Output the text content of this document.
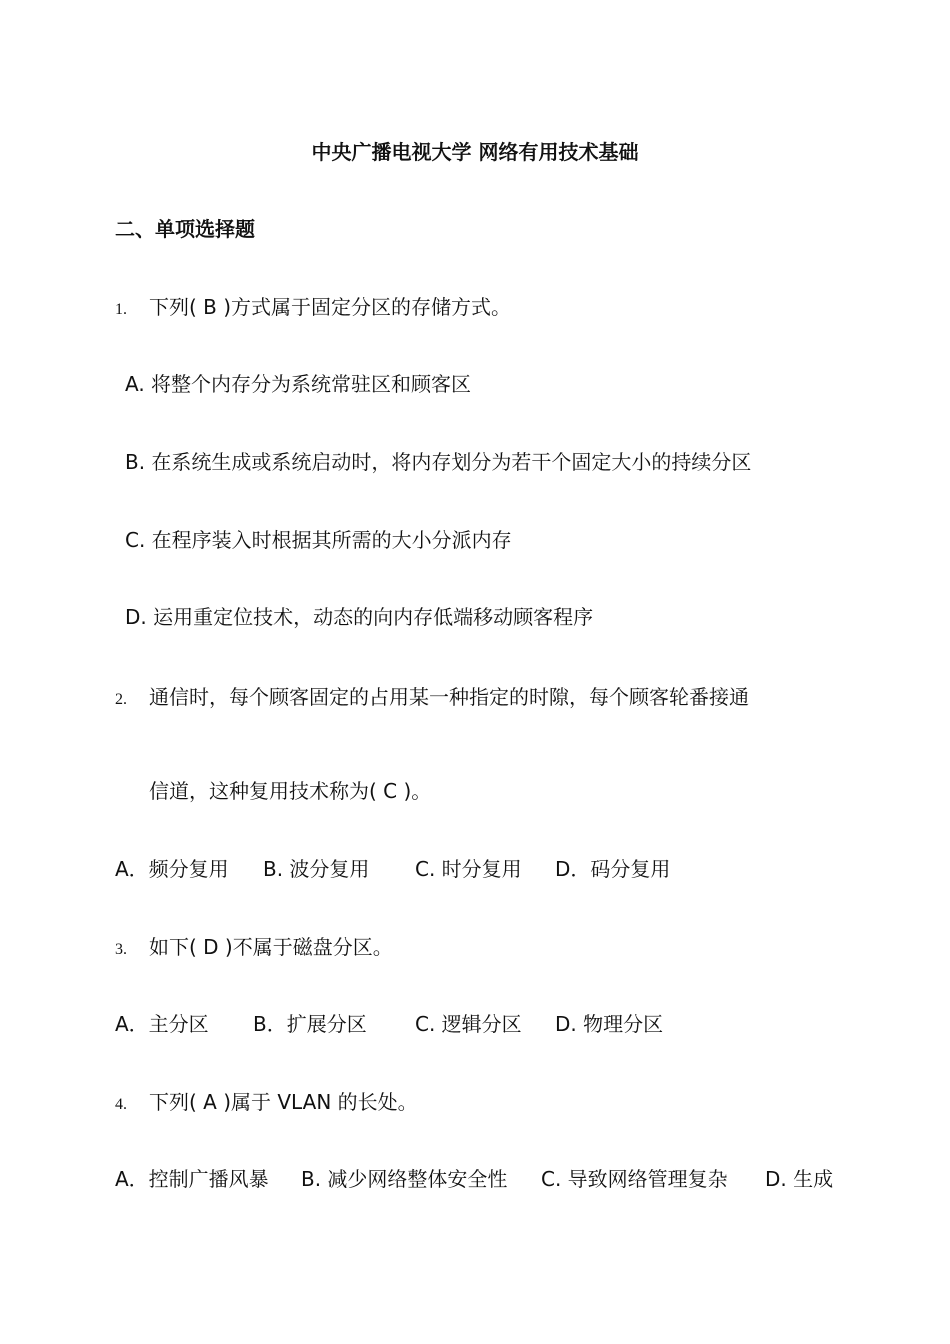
中央广播电视大学 网络有用技术基础
二、单项选择题
1. 下列( B )方式属于固定分区的存储方式。
A. 将整个内存分为系统常驻区和顾客区
B. 在系统生成或系统启动时，将内存划分为若干个固定大小的持续分区
C. 在程序装入时根据其所需的大小分派内存
D. 运用重定位技术，动态的向内存低端移动顾客程序
2. 通信时，每个顾客固定的占用某一种指定的时隙，每个顾客轮番接通
信道，这种复用技术称为( C )。
A．频分复用 B. 波分复用 C. 时分复用 D．码分复用
3. 如下( D )不属于磁盘分区。
A．主分区 B．扩展分区 C. 逻辑分区 D. 物理分区
4. 下列( A )属于 VLAN 的长处。
A．控制广播风暴 B. 减少网络整体安全性 C. 导致网络管理复杂 D. 生成
